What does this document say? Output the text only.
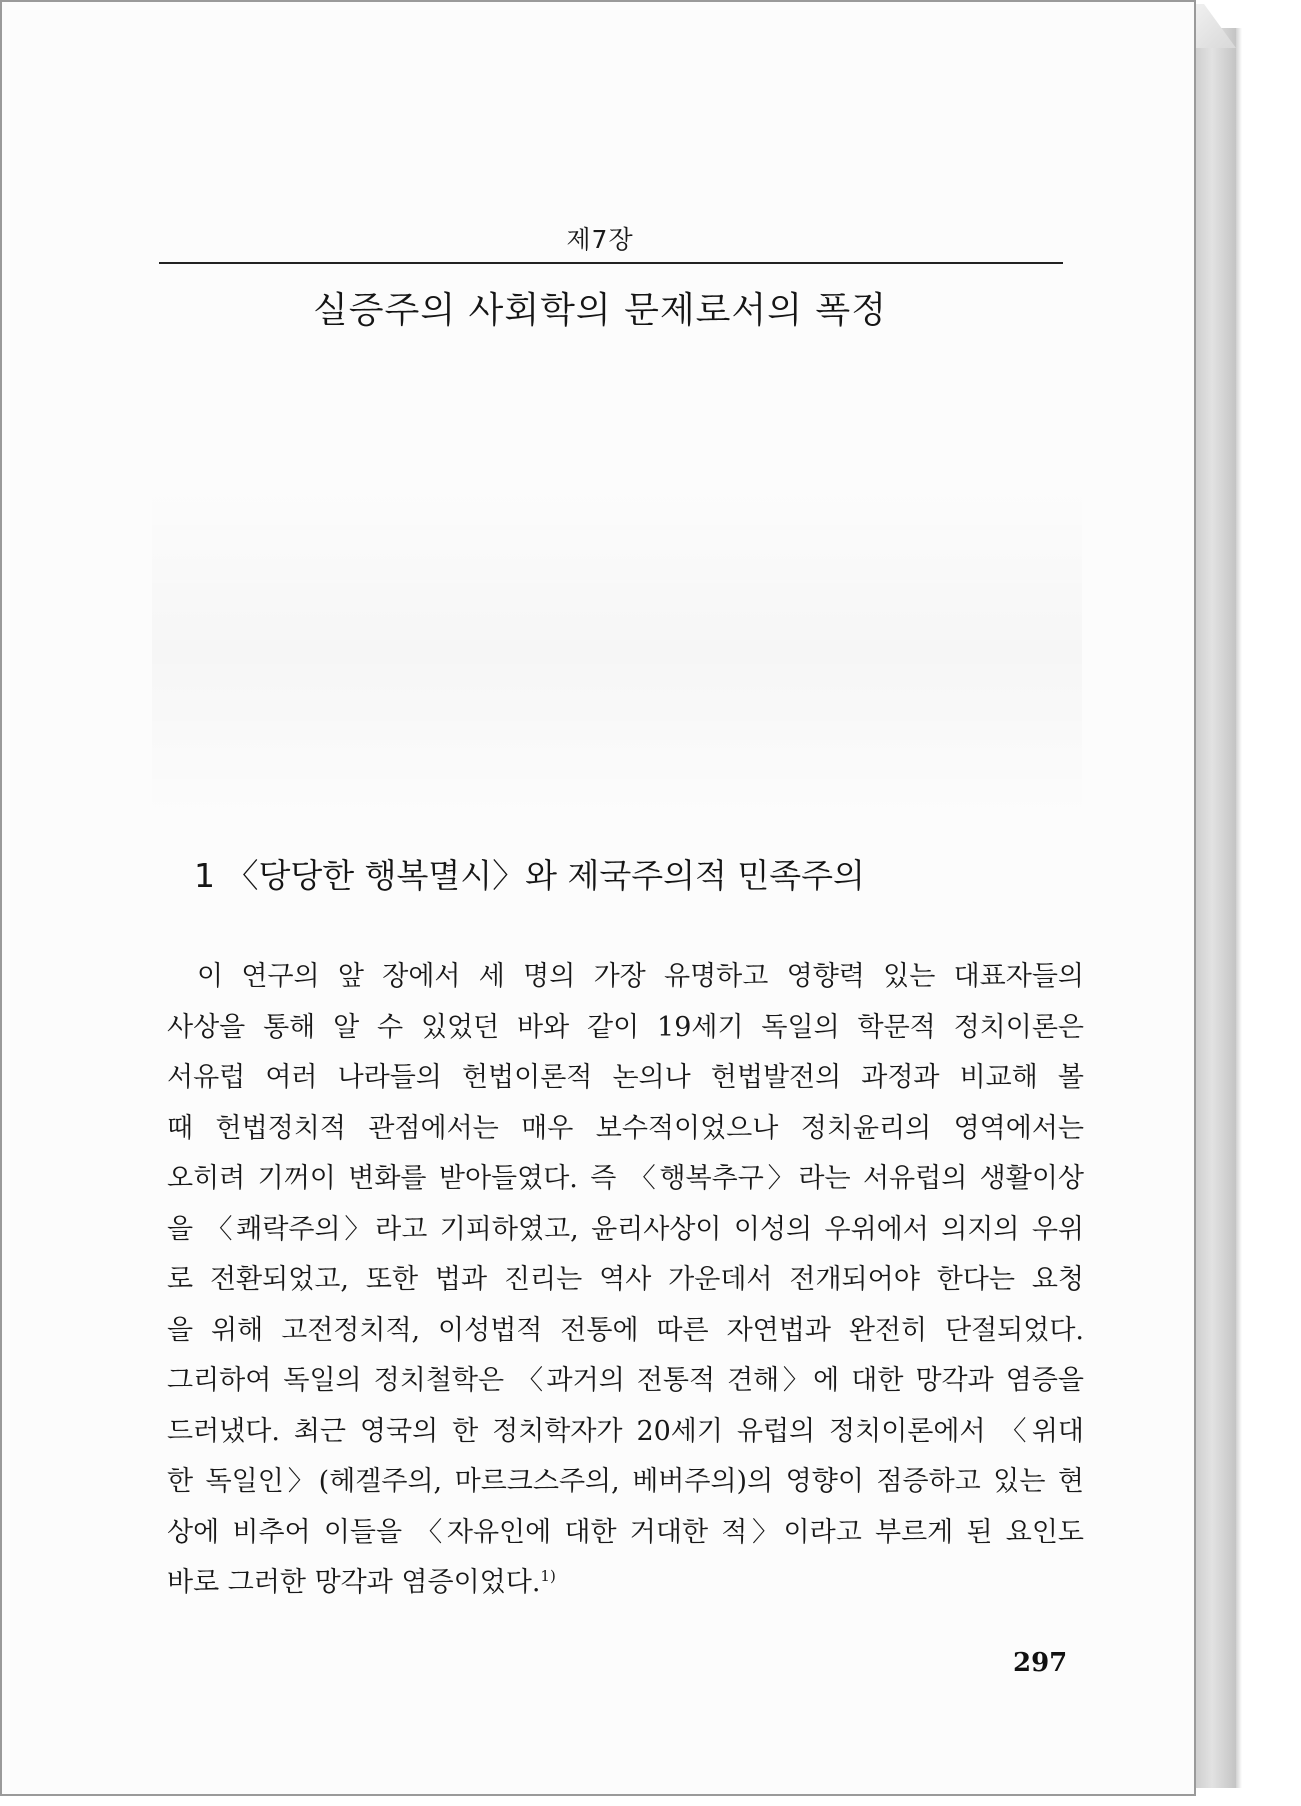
제7장
실증주의 사회학의 문제로서의 폭정
1 〈당당한 행복멸시〉와 제국주의적 민족주의
이 연구의 앞 장에서 세 명의 가장 유명하고 영향력 있는 대표자들의
사상을 통해 알 수 있었던 바와 같이 19세기 독일의 학문적 정치이론은
서유럽 여러 나라들의 헌법이론적 논의나 헌법발전의 과정과 비교해 볼
때 헌법정치적 관점에서는 매우 보수적이었으나 정치윤리의 영역에서는
오히려 기꺼이 변화를 받아들였다. 즉 〈행복추구〉라는 서유럽의 생활이상
을 〈쾌락주의〉라고 기피하였고, 윤리사상이 이성의 우위에서 의지의 우위
로 전환되었고, 또한 법과 진리는 역사 가운데서 전개되어야 한다는 요청
을 위해 고전정치적, 이성법적 전통에 따른 자연법과 완전히 단절되었다.
그리하여 독일의 정치철학은 〈과거의 전통적 견해〉에 대한 망각과 염증을
드러냈다. 최근 영국의 한 정치학자가 20세기 유럽의 정치이론에서 〈위대
한 독일인〉(헤겔주의, 마르크스주의, 베버주의)의 영향이 점증하고 있는 현
상에 비추어 이들을 〈자유인에 대한 거대한 적〉이라고 부르게 된 요인도
바로 그러한 망각과 염증이었다.$^{1)}$
297
